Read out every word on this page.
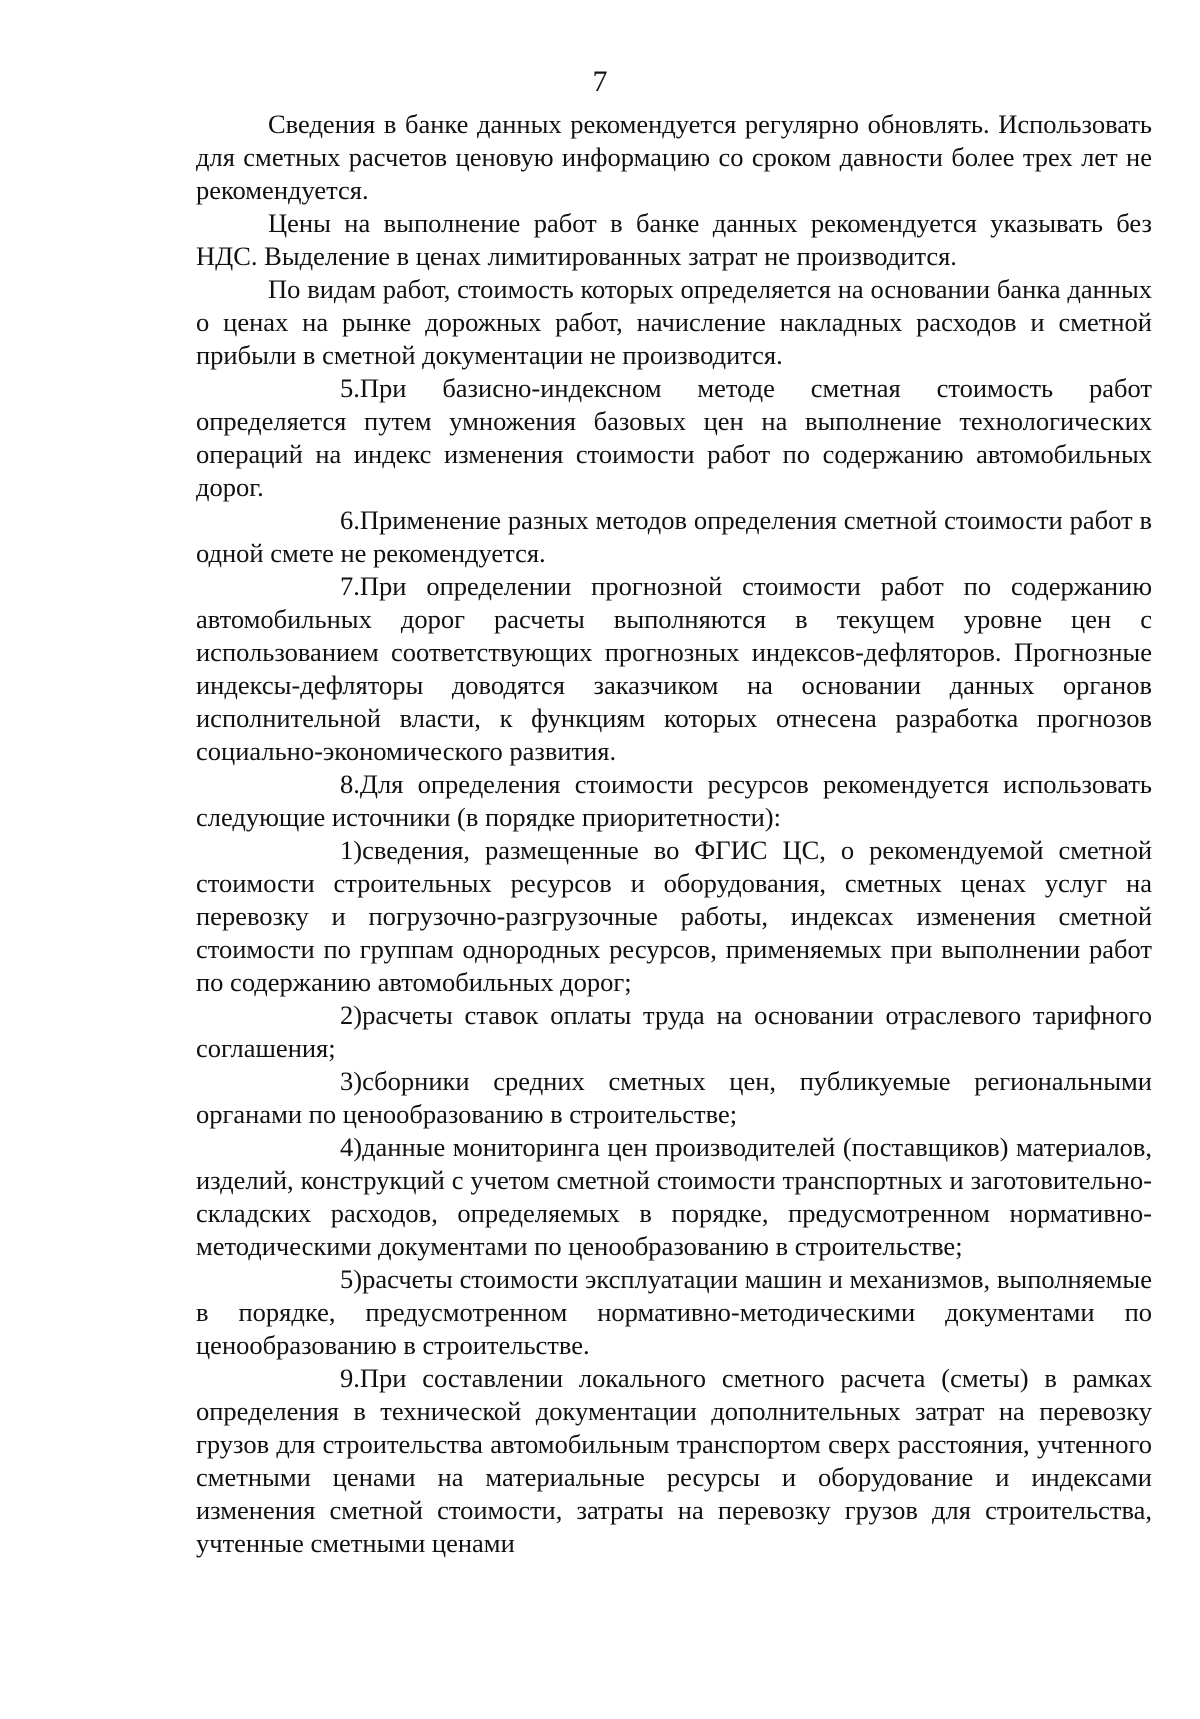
7

Сведения в банке данных рекомендуется регулярно обновлять. Использовать для сметных расчетов ценовую информацию со сроком давности более трех лет не рекомендуется.

Цены на выполнение работ в банке данных рекомендуется указывать без НДС. Выделение в ценах лимитированных затрат не производится.

По видам работ, стоимость которых определяется на основании банка данных о ценах на рынке дорожных работ, начисление накладных расходов и сметной прибыли в сметной документации не производится.

5.При базисно-индексном методе сметная стоимость работ определяется путем умножения базовых цен на выполнение технологических операций на индекс изменения стоимости работ по содержанию автомобильных дорог.

6.Применение разных методов определения сметной стоимости работ в одной смете не рекомендуется.

7.При определении прогнозной стоимости работ по содержанию автомобильных дорог расчеты выполняются в текущем уровне цен с использованием соответствующих прогнозных индексов-дефляторов. Прогнозные индексы-дефляторы доводятся заказчиком на основании данных органов исполнительной власти, к функциям которых отнесена разработка прогнозов социально-экономического развития.

8.Для определения стоимости ресурсов рекомендуется использовать следующие источники (в порядке приоритетности):

1)сведения, размещенные во ФГИС ЦС, о рекомендуемой сметной стоимости строительных ресурсов и оборудования, сметных ценах услуг на перевозку и погрузочно-разгрузочные работы, индексах изменения сметной стоимости по группам однородных ресурсов, применяемых при выполнении работ по содержанию автомобильных дорог;

2)расчеты ставок оплаты труда на основании отраслевого тарифного соглашения;

3)сборники средних сметных цен, публикуемые региональными органами по ценообразованию в строительстве;

4)данные мониторинга цен производителей (поставщиков) материалов, изделий, конструкций с учетом сметной стоимости транспортных и заготовительно-складских расходов, определяемых в порядке, предусмотренном нормативно-методическими документами по ценообразованию в строительстве;

5)расчеты стоимости эксплуатации машин и механизмов, выполняемые в порядке, предусмотренном нормативно-методическими документами по ценообразованию в строительстве.

9.При составлении локального сметного расчета (сметы) в рамках определения в технической документации дополнительных затрат на перевозку грузов для строительства автомобильным транспортом сверх расстояния, учтенного сметными ценами на материальные ресурсы и оборудование и индексами изменения сметной стоимости, затраты на перевозку грузов для строительства, учтенные сметными ценами
